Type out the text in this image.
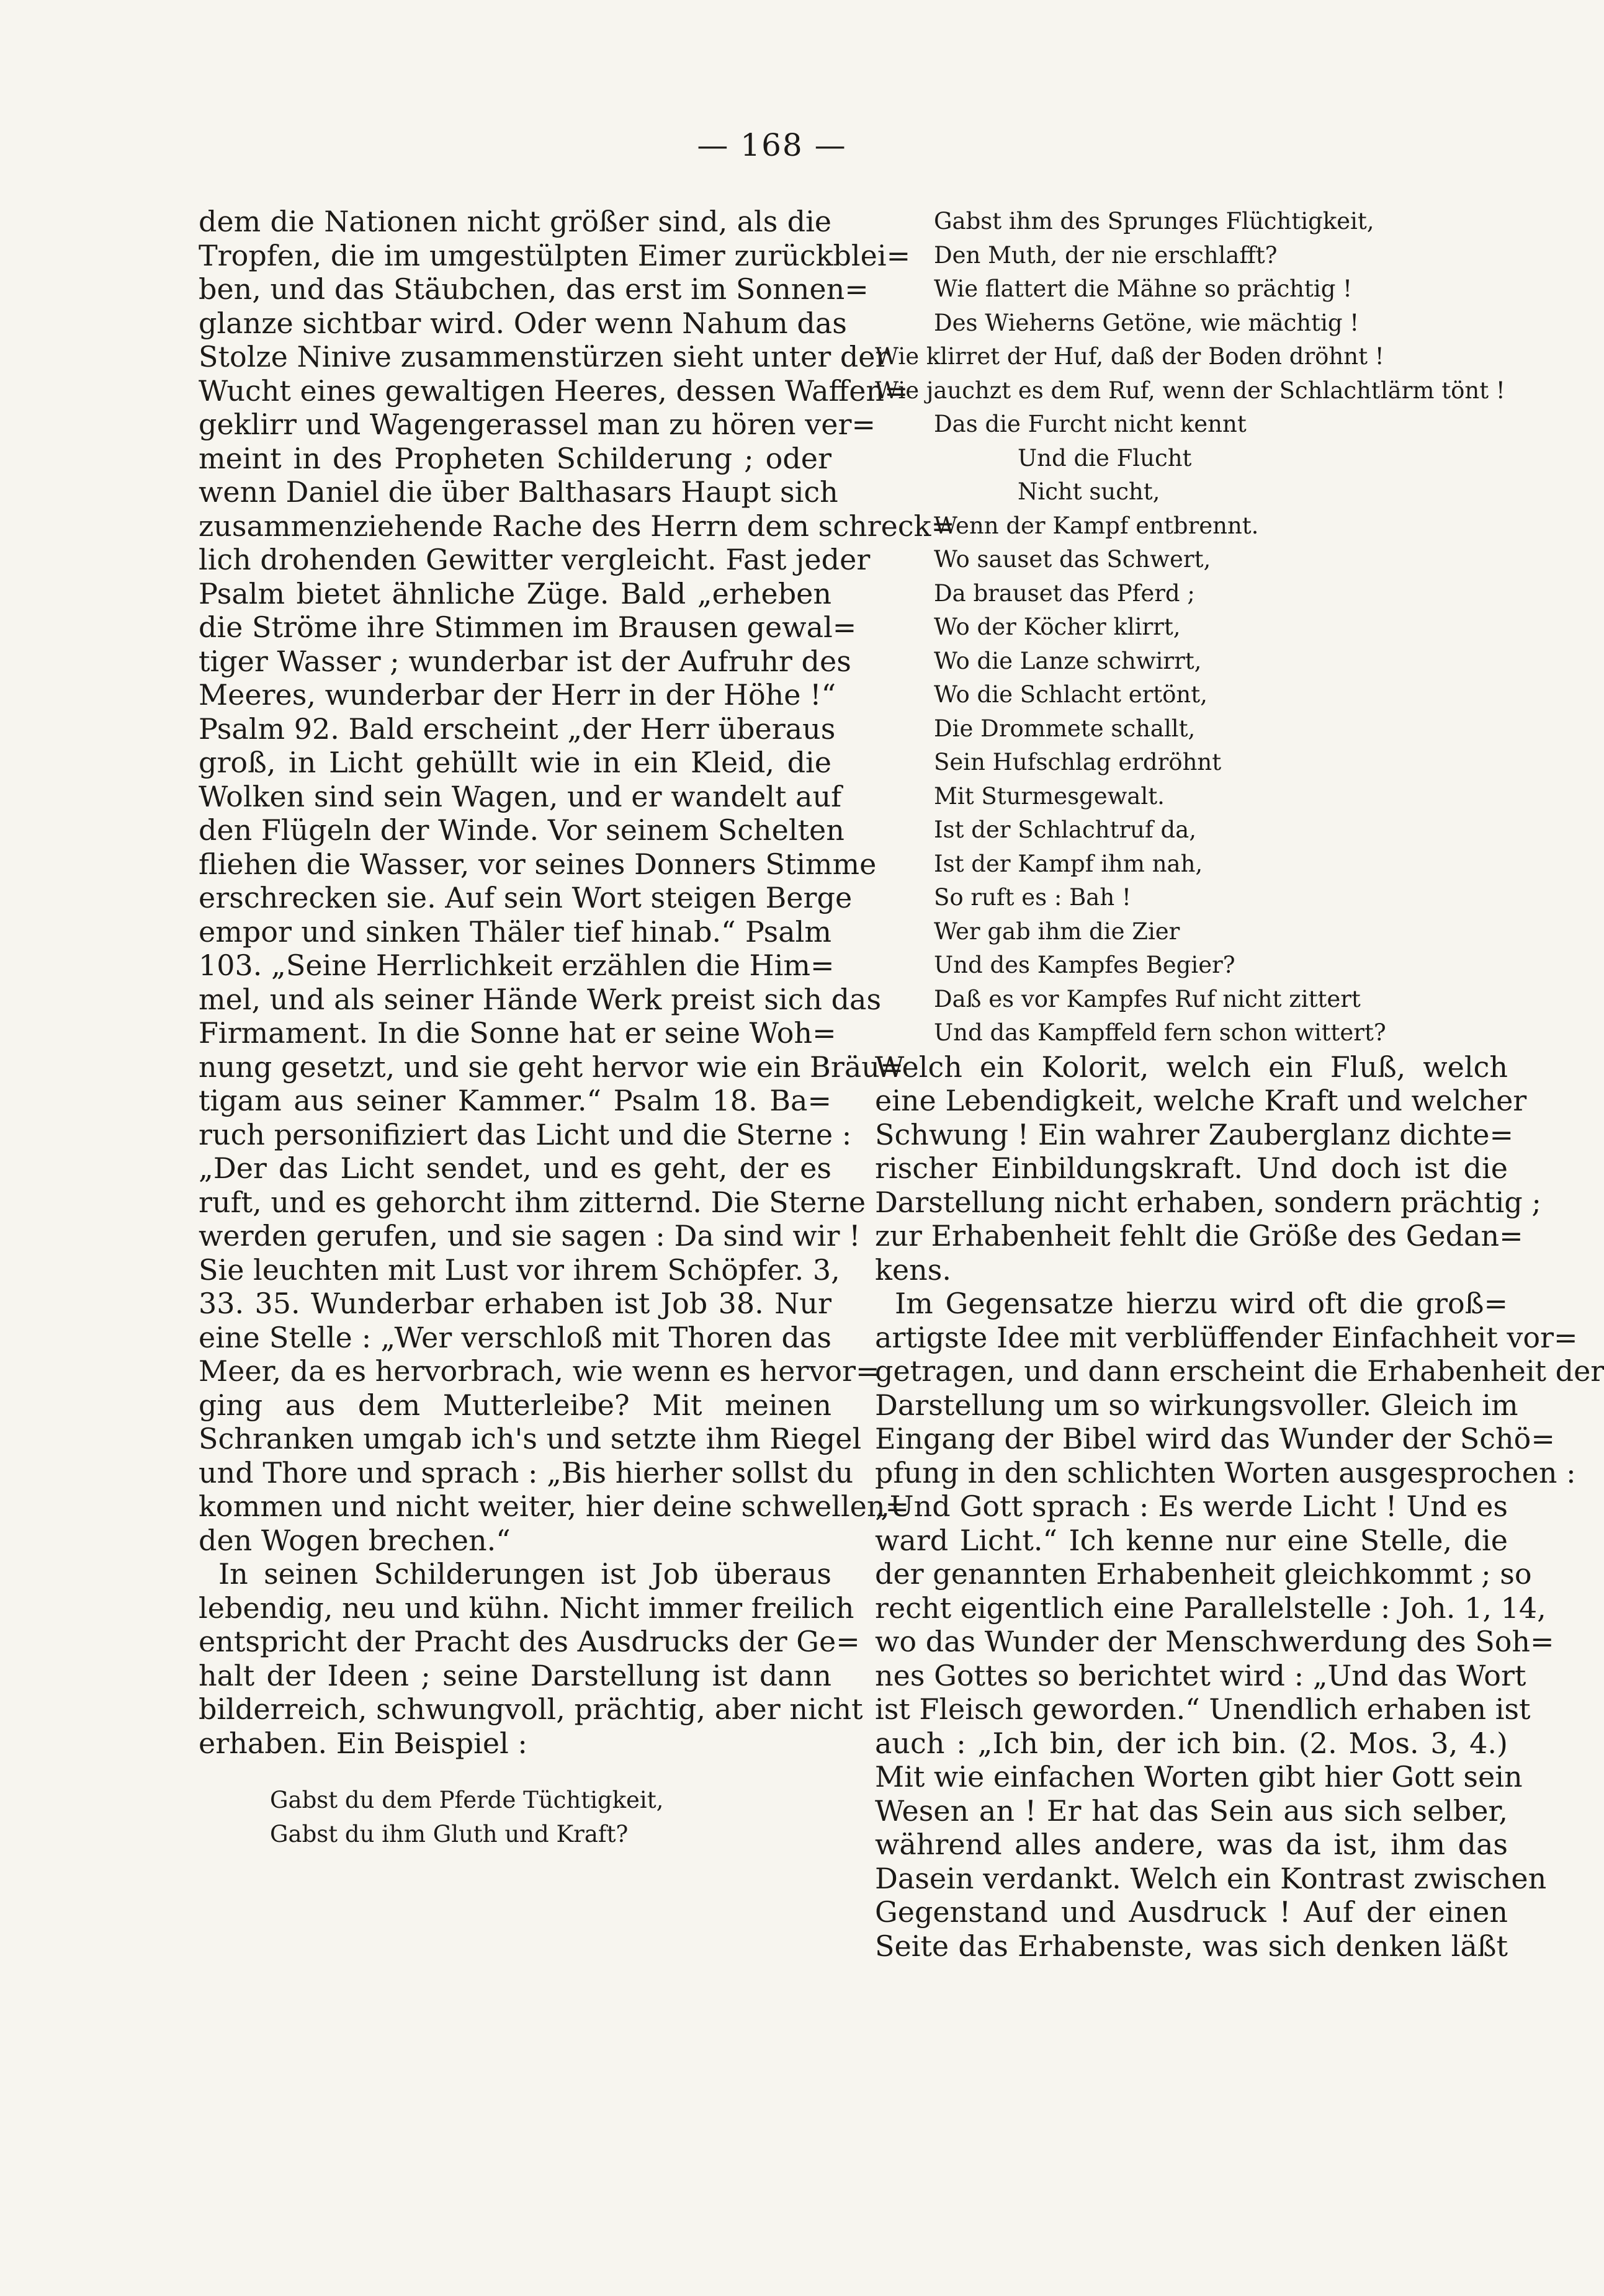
— 168 —
dem die Nationen nicht größer sind, als die
Tropfen, die im umgestülpten Eimer zurückblei=
ben, und das Stäubchen, das erst im Sonnen=
glanze sichtbar wird. Oder wenn Nahum das
Stolze Ninive zusammenstürzen sieht unter der
Wucht eines gewaltigen Heeres, dessen Waffen=
geklirr und Wagengerassel man zu hören ver=
meint in des Propheten Schilderung ; oder
wenn Daniel die über Balthasars Haupt sich
zusammenziehende Rache des Herrn dem schreck=
lich drohenden Gewitter vergleicht. Fast jeder
Psalm bietet ähnliche Züge. Bald „erheben
die Ströme ihre Stimmen im Brausen gewal=
tiger Wasser ; wunderbar ist der Aufruhr des
Meeres, wunderbar der Herr in der Höhe !“
Psalm 92. Bald erscheint „der Herr überaus
groß, in Licht gehüllt wie in ein Kleid, die
Wolken sind sein Wagen, und er wandelt auf
den Flügeln der Winde. Vor seinem Schelten
fliehen die Wasser, vor seines Donners Stimme
erschrecken sie. Auf sein Wort steigen Berge
empor und sinken Thäler tief hinab.“ Psalm
103. „Seine Herrlichkeit erzählen die Him=
mel, und als seiner Hände Werk preist sich das
Firmament. In die Sonne hat er seine Woh=
nung gesetzt, und sie geht hervor wie ein Bräu=
tigam aus seiner Kammer.“ Psalm 18. Ba=
ruch personifiziert das Licht und die Sterne :
„Der das Licht sendet, und es geht, der es
ruft, und es gehorcht ihm zitternd. Die Sterne
werden gerufen, und sie sagen : Da sind wir !
Sie leuchten mit Lust vor ihrem Schöpfer. 3,
33. 35. Wunderbar erhaben ist Job 38. Nur
eine Stelle : „Wer verschloß mit Thoren das
Meer, da es hervorbrach, wie wenn es hervor=
ging aus dem Mutterleibe? Mit meinen
Schranken umgab ich's und setzte ihm Riegel
und Thore und sprach : „Bis hierher sollst du
kommen und nicht weiter, hier deine schwellen=
den Wogen brechen.“
In seinen Schilderungen ist Job überaus
lebendig, neu und kühn. Nicht immer freilich
entspricht der Pracht des Ausdrucks der Ge=
halt der Ideen ; seine Darstellung ist dann
bilderreich, schwungvoll, prächtig, aber nicht
erhaben. Ein Beispiel :
Gabst du dem Pferde Tüchtigkeit,
Gabst du ihm Gluth und Kraft?
Gabst ihm des Sprunges Flüchtigkeit,
Den Muth, der nie erschlafft?
Wie flattert die Mähne so prächtig !
Des Wieherns Getöne, wie mächtig !
Wie klirret der Huf, daß der Boden dröhnt !
Wie jauchzt es dem Ruf, wenn der Schlachtlärm tönt !
Das die Furcht nicht kennt
Und die Flucht
Nicht sucht,
Wenn der Kampf entbrennt.
Wo sauset das Schwert,
Da brauset das Pferd ;
Wo der Köcher klirrt,
Wo die Lanze schwirrt,
Wo die Schlacht ertönt,
Die Drommete schallt,
Sein Hufschlag erdröhnt
Mit Sturmesgewalt.
Ist der Schlachtruf da,
Ist der Kampf ihm nah,
So ruft es : Bah !
Wer gab ihm die Zier
Und des Kampfes Begier?
Daß es vor Kampfes Ruf nicht zittert
Und das Kampffeld fern schon wittert?
Welch ein Kolorit, welch ein Fluß, welch
eine Lebendigkeit, welche Kraft und welcher
Schwung ! Ein wahrer Zauberglanz dichte=
rischer Einbildungskraft. Und doch ist die
Darstellung nicht erhaben, sondern prächtig ;
zur Erhabenheit fehlt die Größe des Gedan=
kens.
Im Gegensatze hierzu wird oft die groß=
artigste Idee mit verblüffender Einfachheit vor=
getragen, und dann erscheint die Erhabenheit der
Darstellung um so wirkungsvoller. Gleich im
Eingang der Bibel wird das Wunder der Schö=
pfung in den schlichten Worten ausgesprochen :
„Und Gott sprach : Es werde Licht ! Und es
ward Licht.“ Ich kenne nur eine Stelle, die
der genannten Erhabenheit gleichkommt ; so
recht eigentlich eine Parallelstelle : Joh. 1, 14,
wo das Wunder der Menschwerdung des Soh=
nes Gottes so berichtet wird : „Und das Wort
ist Fleisch geworden.“ Unendlich erhaben ist
auch : „Ich bin, der ich bin. (2. Mos. 3, 4.)
Mit wie einfachen Worten gibt hier Gott sein
Wesen an ! Er hat das Sein aus sich selber,
während alles andere, was da ist, ihm das
Dasein verdankt. Welch ein Kontrast zwischen
Gegenstand und Ausdruck ! Auf der einen
Seite das Erhabenste, was sich denken läßt
